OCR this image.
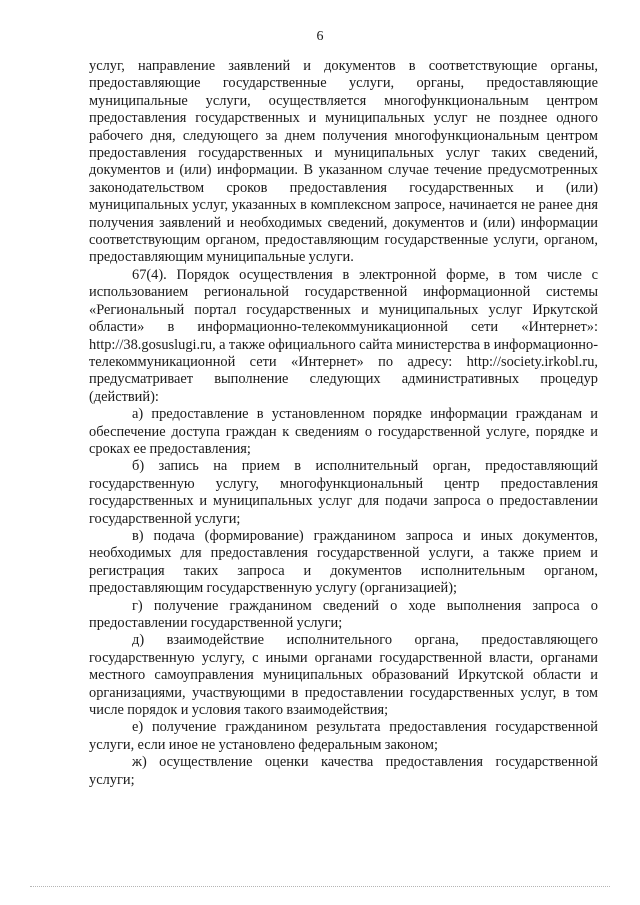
6

услуг, направление заявлений и документов в соответствующие органы, предоставляющие государственные услуги, органы, предоставляющие муниципальные услуги, осуществляется многофункциональным центром предоставления государственных и муниципальных услуг не позднее одного рабочего дня, следующего за днем получения многофункциональным центром предоставления государственных и муниципальных услуг таких сведений, документов и (или) информации. В указанном случае течение предусмотренных законодательством сроков предоставления государственных и (или) муниципальных услуг, указанных в комплексном запросе, начинается не ранее дня получения заявлений и необходимых сведений, документов и (или) информации соответствующим органом, предоставляющим государственные услуги, органом, предоставляющим муниципальные услуги.

67(4). Порядок осуществления в электронной форме, в том числе с использованием региональной государственной информационной системы «Региональный портал государственных и муниципальных услуг Иркутской области» в информационно-телекоммуникационной сети «Интернет»: http://38.gosuslugi.ru, а также официального сайта министерства в информационно-телекоммуникационной сети «Интернет» по адресу: http://society.irkobl.ru, предусматривает выполнение следующих административных процедур (действий):

а) предоставление в установленном порядке информации гражданам и обеспечение доступа граждан к сведениям о государственной услуге, порядке и сроках ее предоставления;

б) запись на прием в исполнительный орган, предоставляющий государственную услугу, многофункциональный центр предоставления государственных и муниципальных услуг для подачи запроса о предоставлении государственной услуги;

в) подача (формирование) гражданином запроса и иных документов, необходимых для предоставления государственной услуги, а также прием и регистрация таких запроса и документов исполнительным органом, предоставляющим государственную услугу (организацией);

г) получение гражданином сведений о ходе выполнения запроса о предоставлении государственной услуги;

д) взаимодействие исполнительного органа, предоставляющего государственную услугу, с иными органами государственной власти, органами местного самоуправления муниципальных образований Иркутской области и организациями, участвующими в предоставлении государственных услуг, в том числе порядок и условия такого взаимодействия;

е) получение гражданином результата предоставления государственной услуги, если иное не установлено федеральным законом;

ж) осуществление оценки качества предоставления государственной услуги;
